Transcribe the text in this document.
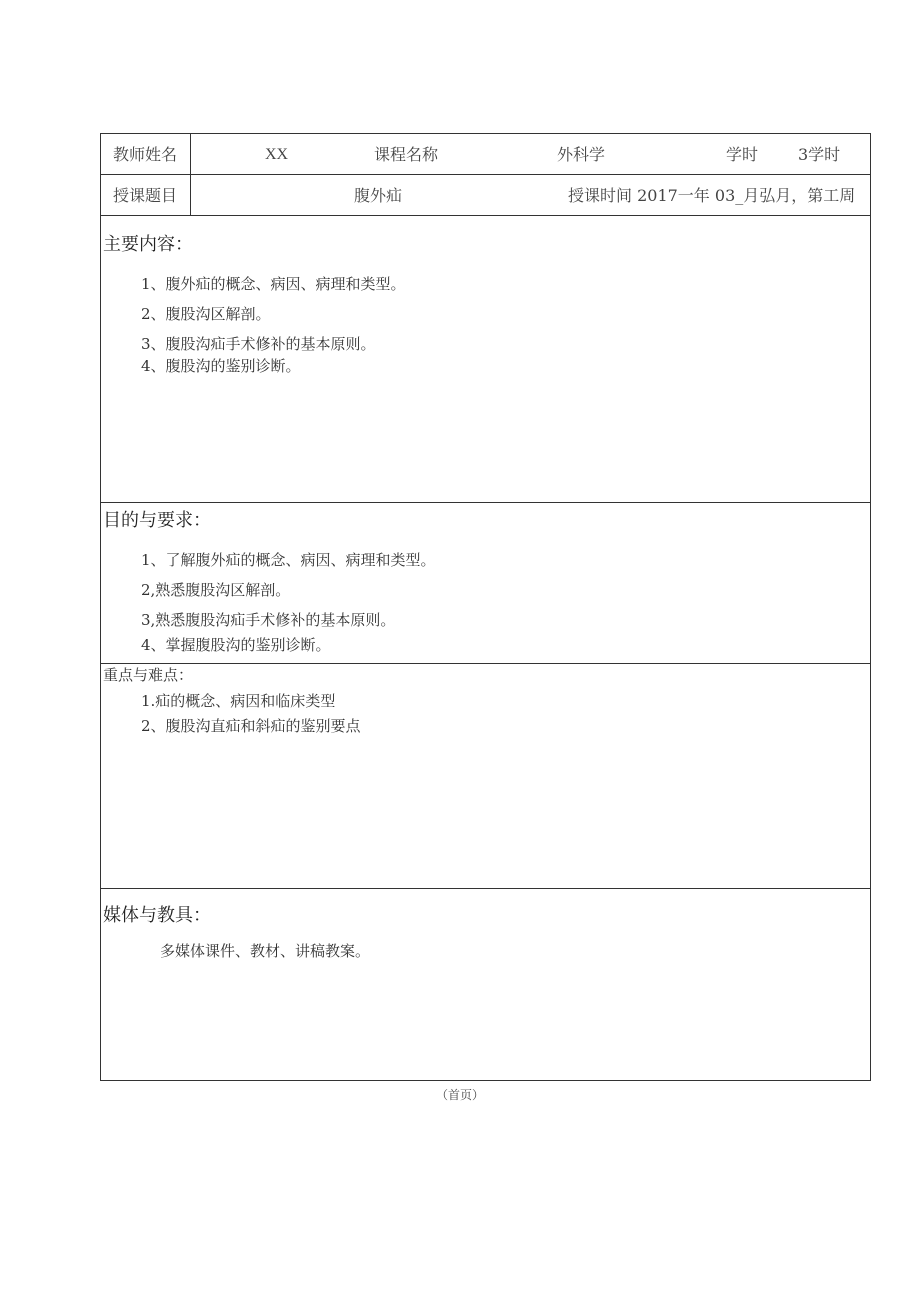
教师姓名	XX	课程名称	外科学	学时 3学时
授课题目	腹外疝	授课时间 2017一年 03_月弘月，第工周
主要内容：
1、腹外疝的概念、病因、病理和类型。
2、腹股沟区解剖。
3、腹股沟疝手术修补的基本原则。
4、腹股沟的鉴别诊断。
目的与要求：
1、了解腹外疝的概念、病因、病理和类型。
2,熟悉腹股沟区解剖。
3,熟悉腹股沟疝手术修补的基本原则。
4、掌握腹股沟的鉴别诊断。
重点与难点：
1.疝的概念、病因和临床类型
2、腹股沟直疝和斜疝的鉴别要点
媒体与教具：
多媒体课件、教材、讲稿教案。
（首页）
